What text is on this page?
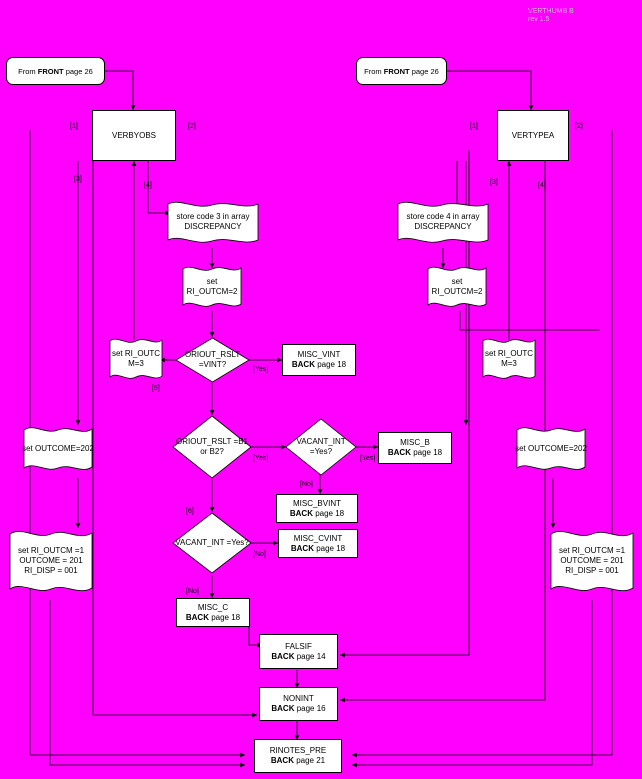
VERTHUMB B
rev 1.5
From FRONT page 26	From FRONT page 26
VERBYOBS	VERTYPEA
store code 3 in array DISCREPANCY
store code 4 in array DISCREPANCY
set RI_OUTCM=2
set RI_OUTCM=2
set RI_OUTC M=3
set RI_OUTC M=3
set OUTCOME=202	set OUTCOME=202
set RI_OUTCM =1 OUTCOME = 201 RI_DISP = 001
set RI_OUTCM =1 OUTCOME = 201 RI_DISP = 001
ORIOUT_RSLT =VINT?
ORIOUT_RSLT =B1 or B2?
VACANT_INT =Yes?
VACANT_INT =Yes?
MISC_VINT
BACK page 18
MISC_B
BACK page 18
MISC_BVINT
BACK page 18
MISC_CVINT
BACK page 18
MISC_C
BACK page 18
FALSIF
BACK page 14
NONINT
BACK page 16
RINOTES_PRE
BACK page 21
[1]	[2]
[3]
[4]
[5]
[6]
[No]
[Yes]
[Yes]	[Yes]
[No]
[No]
[1]	[2]
[3]	[4]
